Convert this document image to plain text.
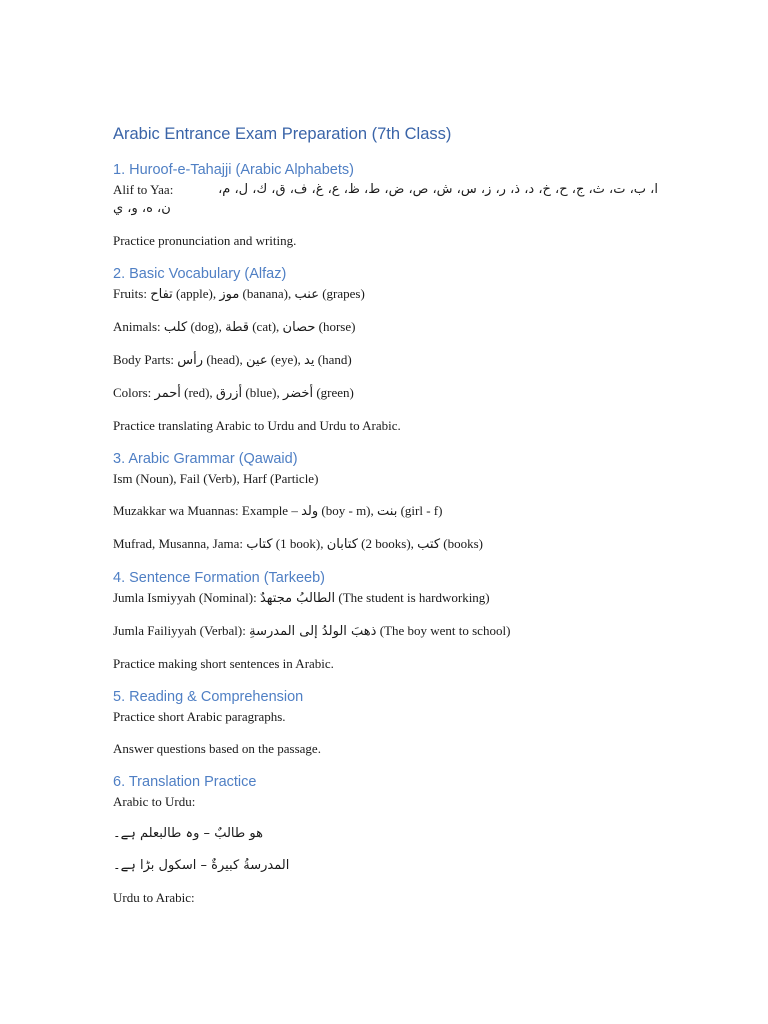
Arabic Entrance Exam Preparation (7th Class)
1. Huroof-e-Tahajji (Arabic Alphabets)
Alif to Yaa:	ا، ب، ت، ث، ج، ح، خ، د، ذ، ر، ز، س، ش، ص، ض، ط، ظ، ع، غ، ف، ق، ك، ل، م،

ن، ه، و، ي

Practice pronunciation and writing.

2. Basic Vocabulary (Alfaz)

Fruits: تفاح (apple), موز (banana), عنب (grapes)

Animals: كلب (dog), قطة (cat), حصان (horse)

Body Parts: رأس (head), عين (eye), يد (hand)

Colors: أحمر (red), أزرق (blue), أخضر (green)

Practice translating Arabic to Urdu and Urdu to Arabic.

3. Arabic Grammar (Qawaid)

Ism (Noun), Fail (Verb), Harf (Particle)

Muzakkar wa Muannas: Example – ولد (boy - m), بنت (girl - f)

Mufrad, Musanna, Jama: كتاب (1 book), كتابان (2 books), كتب (books)

4. Sentence Formation (Tarkeeb)

Jumla Ismiyyah (Nominal): الطالبُ مجتهدٌ (The student is hardworking)

Jumla Failiyyah (Verbal): ذهبَ الولدُ إلى المدرسةِ (The boy went to school)

Practice making short sentences in Arabic.

5. Reading & Comprehension

Practice short Arabic paragraphs.

Answer questions based on the passage.

6. Translation Practice

Arabic to Urdu:

هو طالبٌ – وہ طالبعلم ہے۔

المدرسةُ كبيرةٌ – اسکول بڑا ہے۔

Urdu to Arabic:
